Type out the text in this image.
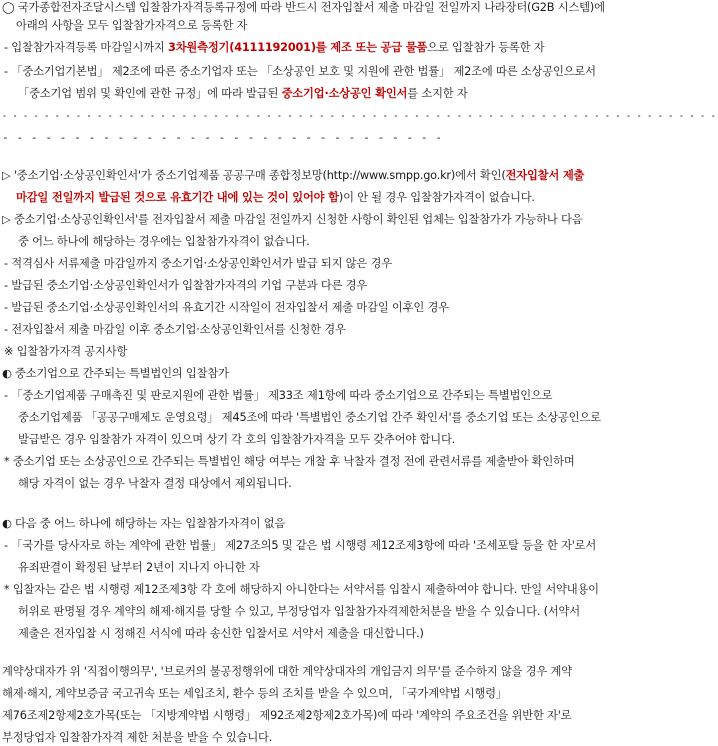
◯ 국가종합전자조달시스템 입찰참가자격등록규정에 따라 반드시 전자입찰서 제출 마감일 전일까지 나라장터(G2B 시스템)에
아래의 사항을 모두 입찰참가자격으로 등록한 자
- 입찰참가자격등록 마감일시까지 3차원측정기(4111192001)를 제조 또는 공급 물품으로 입찰참가 등록한 자
- 「중소기업기본법」 제2조에 따른 중소기업자 또는 「소상공인 보호 및 지원에 관한 법률」 제2조에 따른 소상공인으로서
「중소기업 범위 및 확인에 관한 규정」에 따라 발급된 중소기업·소상공인 확인서를 소지한 자
- - - - - - - - - - - - - - - - - - - - - - - - - - - - - - - - - - - - - - - - - - - - - - - - - - - - - - - - - - - - - - - - - - - -
- - - - - - - - - - - - - - - - - - - - - - - - - - - - - - -
▷ '중소기업·소상공인확인서'가 중소기업제품 공공구매 종합정보망(http://www.smpp.go.kr)에서 확인(전자입찰서 제출
마감일 전일까지 발급된 것으로 유효기간 내에 있는 것이 있어야 함)이 안 될 경우 입찰참가자격이 없습니다.
▷ 중소기업·소상공인확인서'를 전자입찰서 제출 마감일 전일까지 신청한 사항이 확인된 업체는 입찰참가가 가능하나 다음
중 어느 하나에 해당하는 경우에는 입찰참가자격이 없습니다.
- 적격심사 서류제출 마감일까지 중소기업·소상공인확인서가 발급 되지 않은 경우
- 발급된 중소기업·소상공인확인서가 입찰참가자격의 기업 구분과 다른 경우
- 발급된 중소기업·소상공인확인서의 유효기간 시작일이 전자입찰서 제출 마감일 이후인 경우
- 전자입찰서 제출 마감일 이후 중소기업·소상공인확인서를 신청한 경우
※ 입찰참가자격 공지사항
◐ 중소기업으로 간주되는 특별법인의 입찰참가
- 「중소기업제품 구매촉진 및 판로지원에 관한 법률」 제33조 제1항에 따라 중소기업으로 간주되는 특별법인으로
중소기업제품 「공공구매제도 운영요령」 제45조에 따라 '특별법인 중소기업 간주 확인서'를 중소기업 또는 소상공인으로
발급받은 경우 입찰참가 자격이 있으며 상기 각 호의 입찰참가자격을 모두 갖추어야 합니다.
* 중소기업 또는 소상공인으로 간주되는 특별법인 해당 여부는 개찰 후 낙찰자 결정 전에 관련서류를 제출받아 확인하며
해당 자격이 없는 경우 낙찰자 결정 대상에서 제외됩니다.
◐ 다음 중 어느 하나에 해당하는 자는 입찰참가자격이 없음
- 「국가를 당사자로 하는 계약에 관한 법률」 제27조의5 및 같은 법 시행령 제12조제3항에 따라 '조세포탈 등을 한 자'로서
유죄판결이 확정된 날부터 2년이 지나지 아니한 자
* 입찰자는 같은 법 시행령 제12조제3항 각 호에 해당하지 아니한다는 서약서를 입찰시 제출하여야 합니다. 만일 서약내용이
허위로 판명될 경우 계약의 해제·해지를 당할 수 있고, 부정당업자 입찰참가자격제한처분을 받을 수 있습니다. (서약서
제출은 전자입찰 시 정해진 서식에 따라 송신한 입찰서로 서약서 제출을 대신합니다.)
계약상대자가 위 '직접이행의무', '브로커의 불공정행위에 대한 계약상대자의 개입금지 의무'를 준수하지 않을 경우 계약
해제·해지, 계약보증금 국고귀속 또는 세입조치, 환수 등의 조치를 받을 수 있으며, 「국가계약법 시행령」
제76조제2항제2호가목(또는 「지방계약법 시행령」 제92조제2항제2호가목)에 따라 '계약의 주요조건을 위반한 자'로
부정당업자 입찰참가자격 제한 처분을 받을 수 있습니다.
